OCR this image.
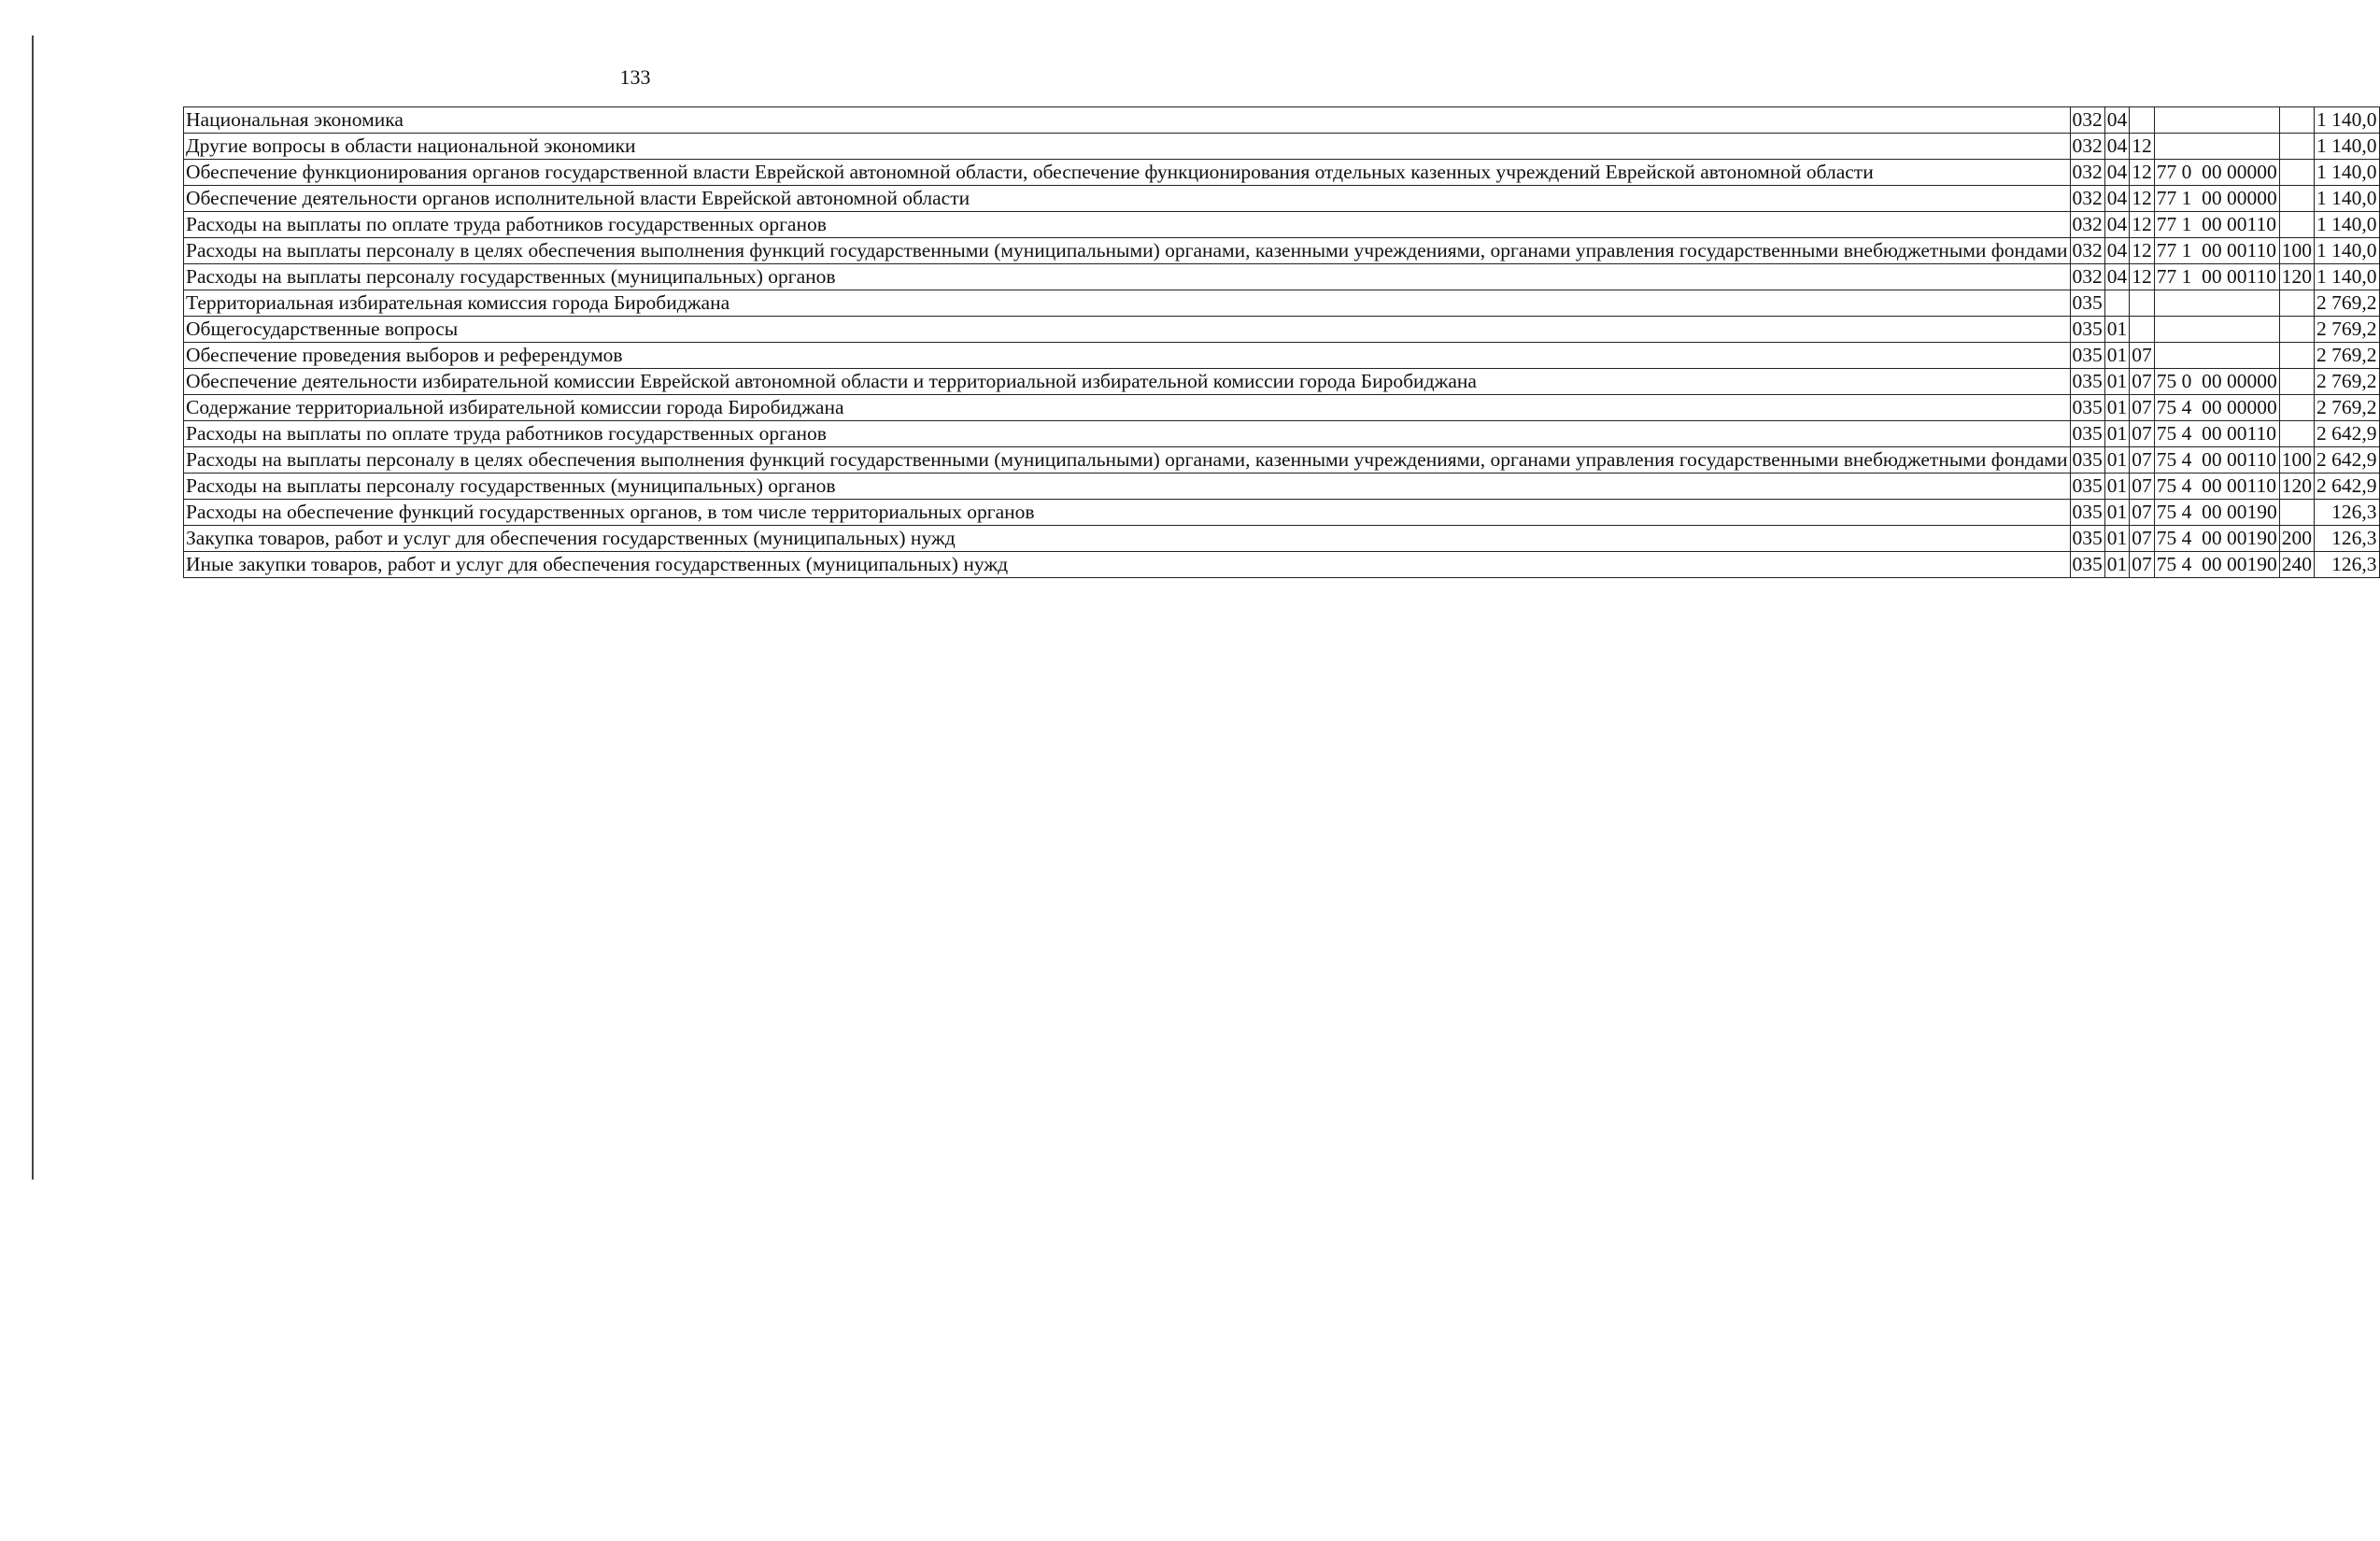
133
Национальная экономика	032	04				1 140,0
Другие вопросы в области национальной экономики	032	04	12			1 140,0
Обеспечение функционирования органов государственной власти Еврейской автономной области, обеспечение функционирования отдельных казенных учреждений Еврейской автономной области	032	04	12	77 0  00 00000		1 140,0
Обеспечение деятельности органов исполнительной власти Еврейской автономной области	032	04	12	77 1  00 00000		1 140,0
Расходы на выплаты по оплате труда работников государственных органов	032	04	12	77 1  00 00110		1 140,0
Расходы на выплаты персоналу в целях обеспечения выполнения функций государственными (муниципальными) органами, казенными учреждениями, органами управления государственными внебюджетными фондами	032	04	12	77 1  00 00110	100	1 140,0
Расходы на выплаты персоналу государственных (муниципальных) органов	032	04	12	77 1  00 00110	120	1 140,0
Территориальная избирательная комиссия города Биробиджана	035					2 769,2
Общегосударственные вопросы	035	01				2 769,2
Обеспечение проведения выборов и референдумов	035	01	07			2 769,2
Обеспечение деятельности избирательной комиссии Еврейской автономной области и территориальной избирательной комиссии города Биробиджана	035	01	07	75 0  00 00000		2 769,2
Содержание территориальной избирательной комиссии города Биробиджана	035	01	07	75 4  00 00000		2 769,2
Расходы на выплаты по оплате труда работников государственных органов	035	01	07	75 4  00 00110		2 642,9
Расходы на выплаты персоналу в целях обеспечения выполнения функций государственными (муниципальными) органами, казенными учреждениями, органами управления государственными внебюджетными фондами	035	01	07	75 4  00 00110	100	2 642,9
Расходы на выплаты персоналу государственных (муниципальных) органов	035	01	07	75 4  00 00110	120	2 642,9
Расходы на обеспечение функций государственных органов, в том числе территориальных органов	035	01	07	75 4  00 00190		126,3
Закупка товаров, работ и услуг для обеспечения государственных (муниципальных) нужд	035	01	07	75 4  00 00190	200	126,3
Иные закупки товаров, работ и услуг для обеспечения государственных (муниципальных) нужд	035	01	07	75 4  00 00190	240	126,3
